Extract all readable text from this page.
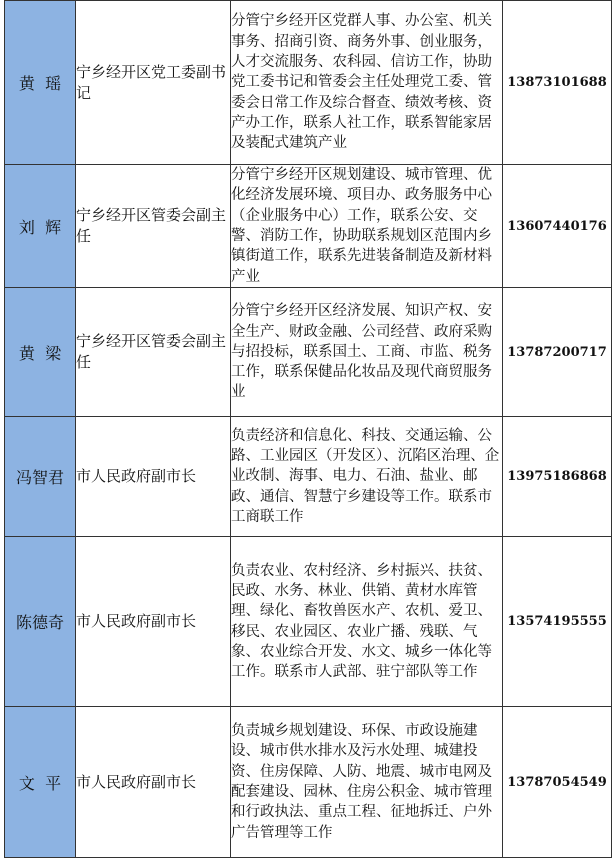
黄  瑶	宁乡经开区党工委副书记	分管宁乡经开区党群人事、办公室、机关事务、招商引资、商务外事、创业服务，人才交流服务、农科园、信访工作，协助党工委书记和管委会主任处理党工委、管委会日常工作及综合督查、绩效考核、资产办工作，联系人社工作，联系智能家居及装配式建筑产业	13873101688
刘  辉	宁乡经开区管委会副主任	分管宁乡经开区规划建设、城市管理、优化经济发展环境、项目办、政务服务中心（企业服务中心）工作，联系公安、交警、消防工作，协助联系规划区范围内乡镇街道工作，联系先进装备制造及新材料产业	13607440176
黄  梁	宁乡经开区管委会副主任	分管宁乡经开区经济发展、知识产权、安全生产、财政金融、公司经营、政府采购与招投标，联系国土、工商、市监、税务工作，联系保健品化妆品及现代商贸服务业	13787200717
冯智君	市人民政府副市长	负责经济和信息化、科技、交通运输、公路、工业园区（开发区）、沉陷区治理、企业改制、海事、电力、石油、盐业、邮政、通信、智慧宁乡建设等工作。联系市工商联工作	13975186868
陈德奇	市人民政府副市长	负责农业、农村经济、乡村振兴、扶贫、民政、水务、林业、供销、黄材水库管理、绿化、畜牧兽医水产、农机、爱卫、移民、农业园区、农业广播、残联、气象、农业综合开发、水文、城乡一体化等工作。联系市人武部、驻宁部队等工作	13574195555
文  平	市人民政府副市长	负责城乡规划建设、环保、市政设施建设、城市供水排水及污水处理、城建投资、住房保障、人防、地震、城市电网及配套建设、园林、住房公积金、城市管理和行政执法、重点工程、征地拆迁、户外广告管理等工作	13787054549
